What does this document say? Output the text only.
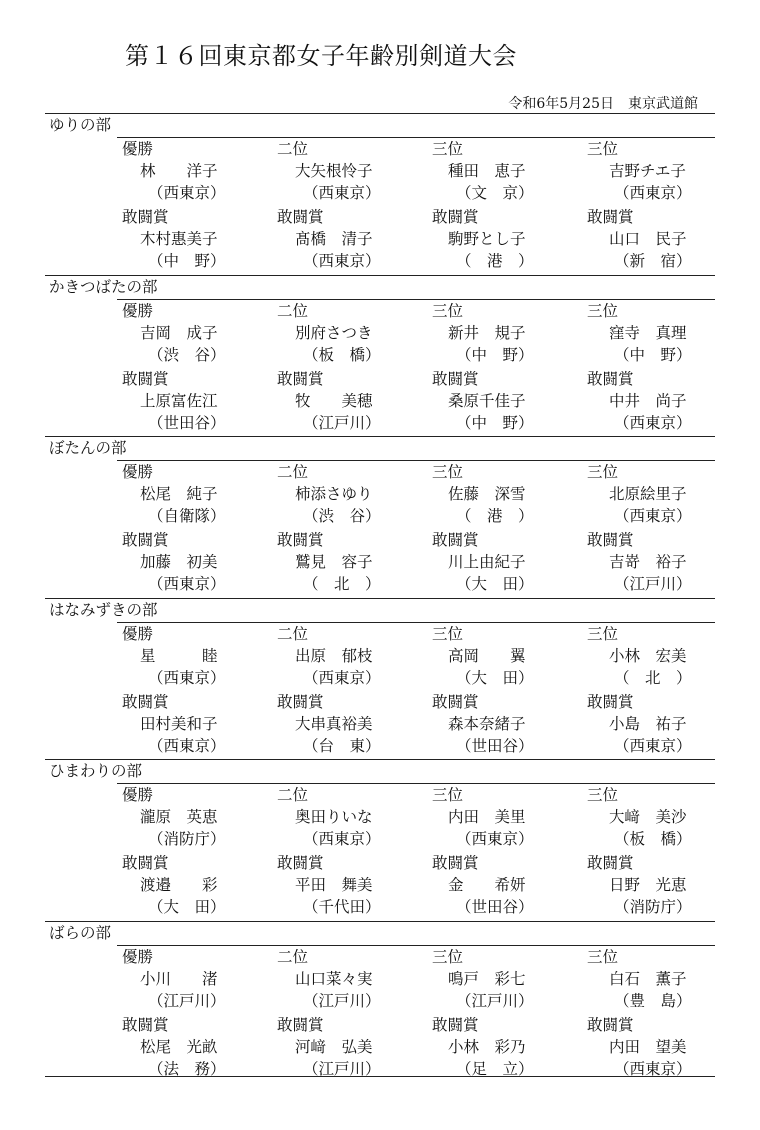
第１６回東京都女子年齢別剣道大会
令和6年5月25日　東京武道館
ゆりの部
優勝	二位	三位	三位
林　　洋子	大矢根怜子	種田　恵子	吉野チエ子
（西東京）	（西東京）	（文　京）	（西東京）
敢闘賞	敢闘賞	敢闘賞	敢闘賞
木村惠美子	髙橋　清子	駒野とし子	山口　民子
（中　野）	（西東京）	（　港　）	（新　宿）
かきつばたの部
優勝	二位	三位	三位
吉岡　成子	別府さつき	新井　規子	窪寺　真理
（渋　谷）	（板　橋）	（中　野）	（中　野）
敢闘賞	敢闘賞	敢闘賞	敢闘賞
上原富佐江	牧　　美穂	桑原千佳子	中井　尚子
（世田谷）	（江戸川）	（中　野）	（西東京）
ぼたんの部
優勝	二位	三位	三位
松尾　純子	柿添さゆり	佐藤　深雪	北原絵里子
（自衛隊）	（渋　谷）	（　港　）	（西東京）
敢闘賞	敢闘賞	敢闘賞	敢闘賞
加藤　初美	鷲見　容子	川上由紀子	吉嵜　裕子
（西東京）	（　北　）	（大　田）	（江戸川）
はなみずきの部
優勝	二位	三位	三位
星　　　睦	出原　郁枝	高岡　　翼	小林　宏美
（西東京）	（西東京）	（大　田）	（　北　）
敢闘賞	敢闘賞	敢闘賞	敢闘賞
田村美和子	大串真裕美	森本奈緒子	小島　祐子
（西東京）	（台　東）	（世田谷）	（西東京）
ひまわりの部
優勝	二位	三位	三位
瀧原　英恵	奥田りいな	内田　美里	大﨑　美沙
（消防庁）	（西東京）	（西東京）	（板　橋）
敢闘賞	敢闘賞	敢闘賞	敢闘賞
渡邉　　彩	平田　舞美	金　　希妍	日野　光恵
（大　田）	（千代田）	（世田谷）	（消防庁）
ばらの部
優勝	二位	三位	三位
小川　　渚	山口菜々実	鳴戸　彩七	白石　薫子
（江戸川）	（江戸川）	（江戸川）	（豊　島）
敢闘賞	敢闘賞	敢闘賞	敢闘賞
松尾　光畝	河﨑　弘美	小林　彩乃	内田　望美
（法　務）	（江戸川）	（足　立）	（西東京）
